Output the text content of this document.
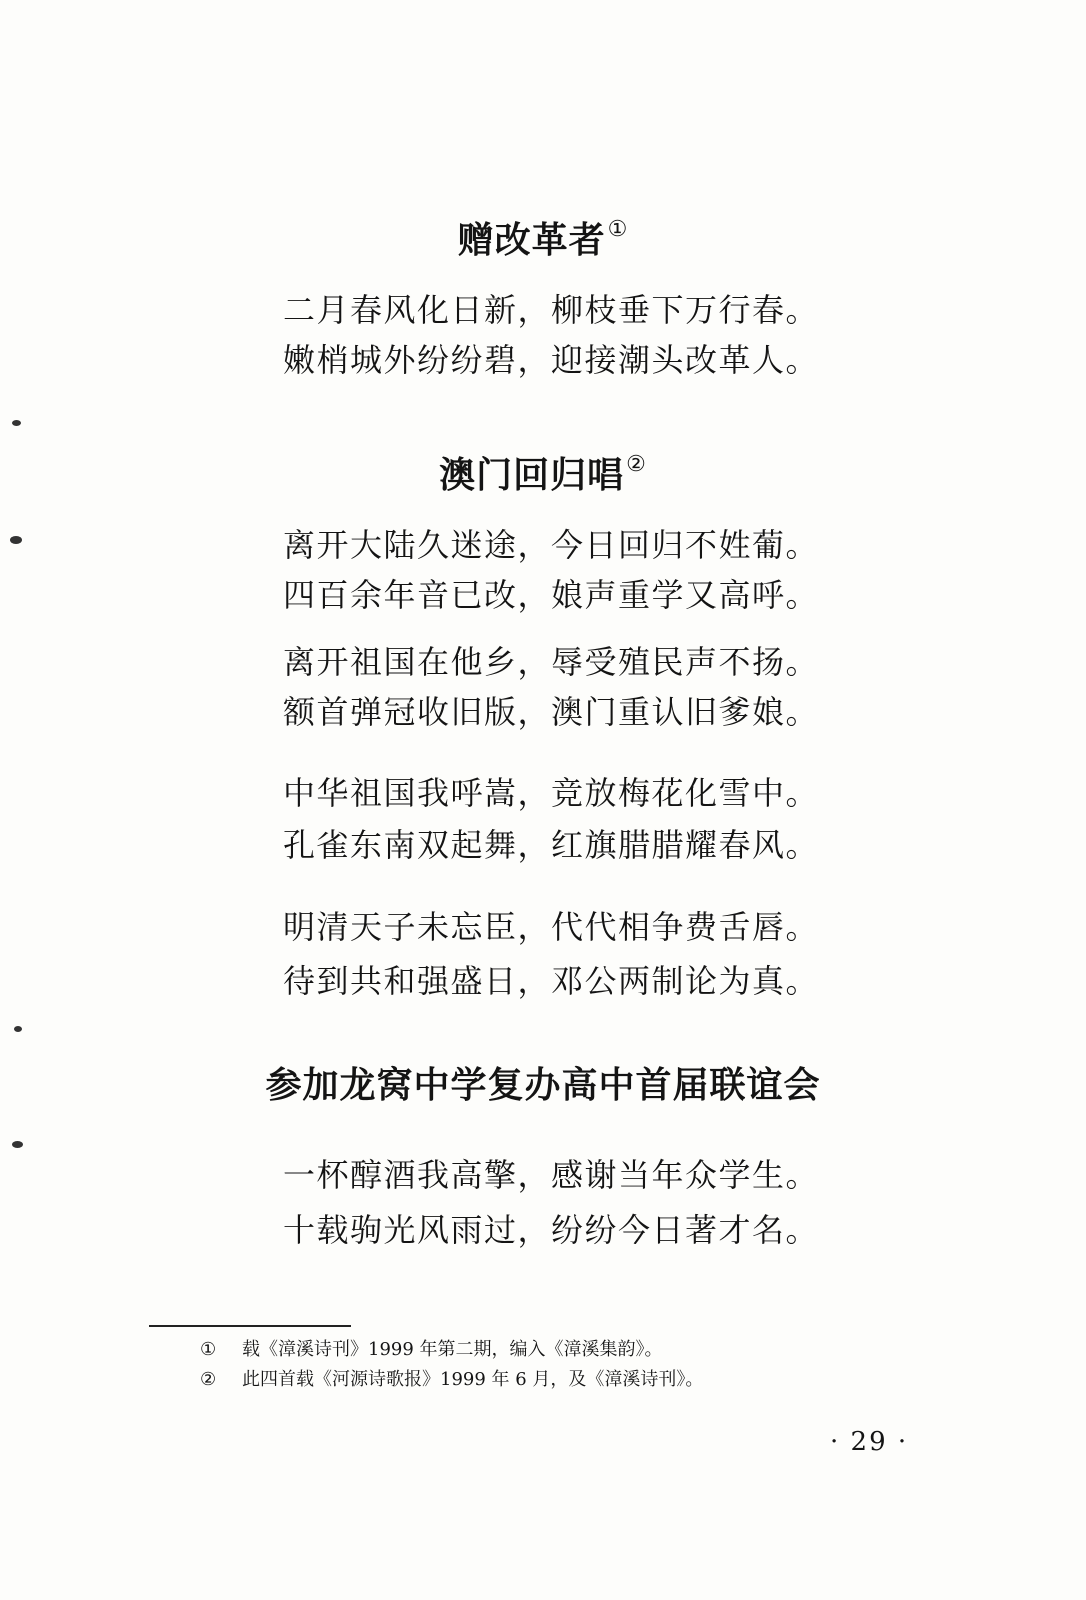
赠改革者①
二月春风化日新，柳枝垂下万行春。
嫩梢城外纷纷碧，迎接潮头改革人。
澳门回归唱②
离开大陆久迷途，今日回归不姓葡。
四百余年音已改，娘声重学又高呼。
离开祖国在他乡，辱受殖民声不扬。
额首弹冠收旧版，澳门重认旧爹娘。
中华祖国我呼嵩，竞放梅花化雪中。
孔雀东南双起舞，红旗腊腊耀春风。
明清天子未忘臣，代代相争费舌唇。
待到共和强盛日，邓公两制论为真。
参加龙窝中学复办高中首届联谊会
一杯醇酒我高擎，感谢当年众学生。
十载驹光风雨过，纷纷今日著才名。
① 载《漳溪诗刊》1999 年第二期，编入《漳溪集韵》。
② 此四首载《河源诗歌报》1999 年 6 月，及《漳溪诗刊》。
· 29 ·
